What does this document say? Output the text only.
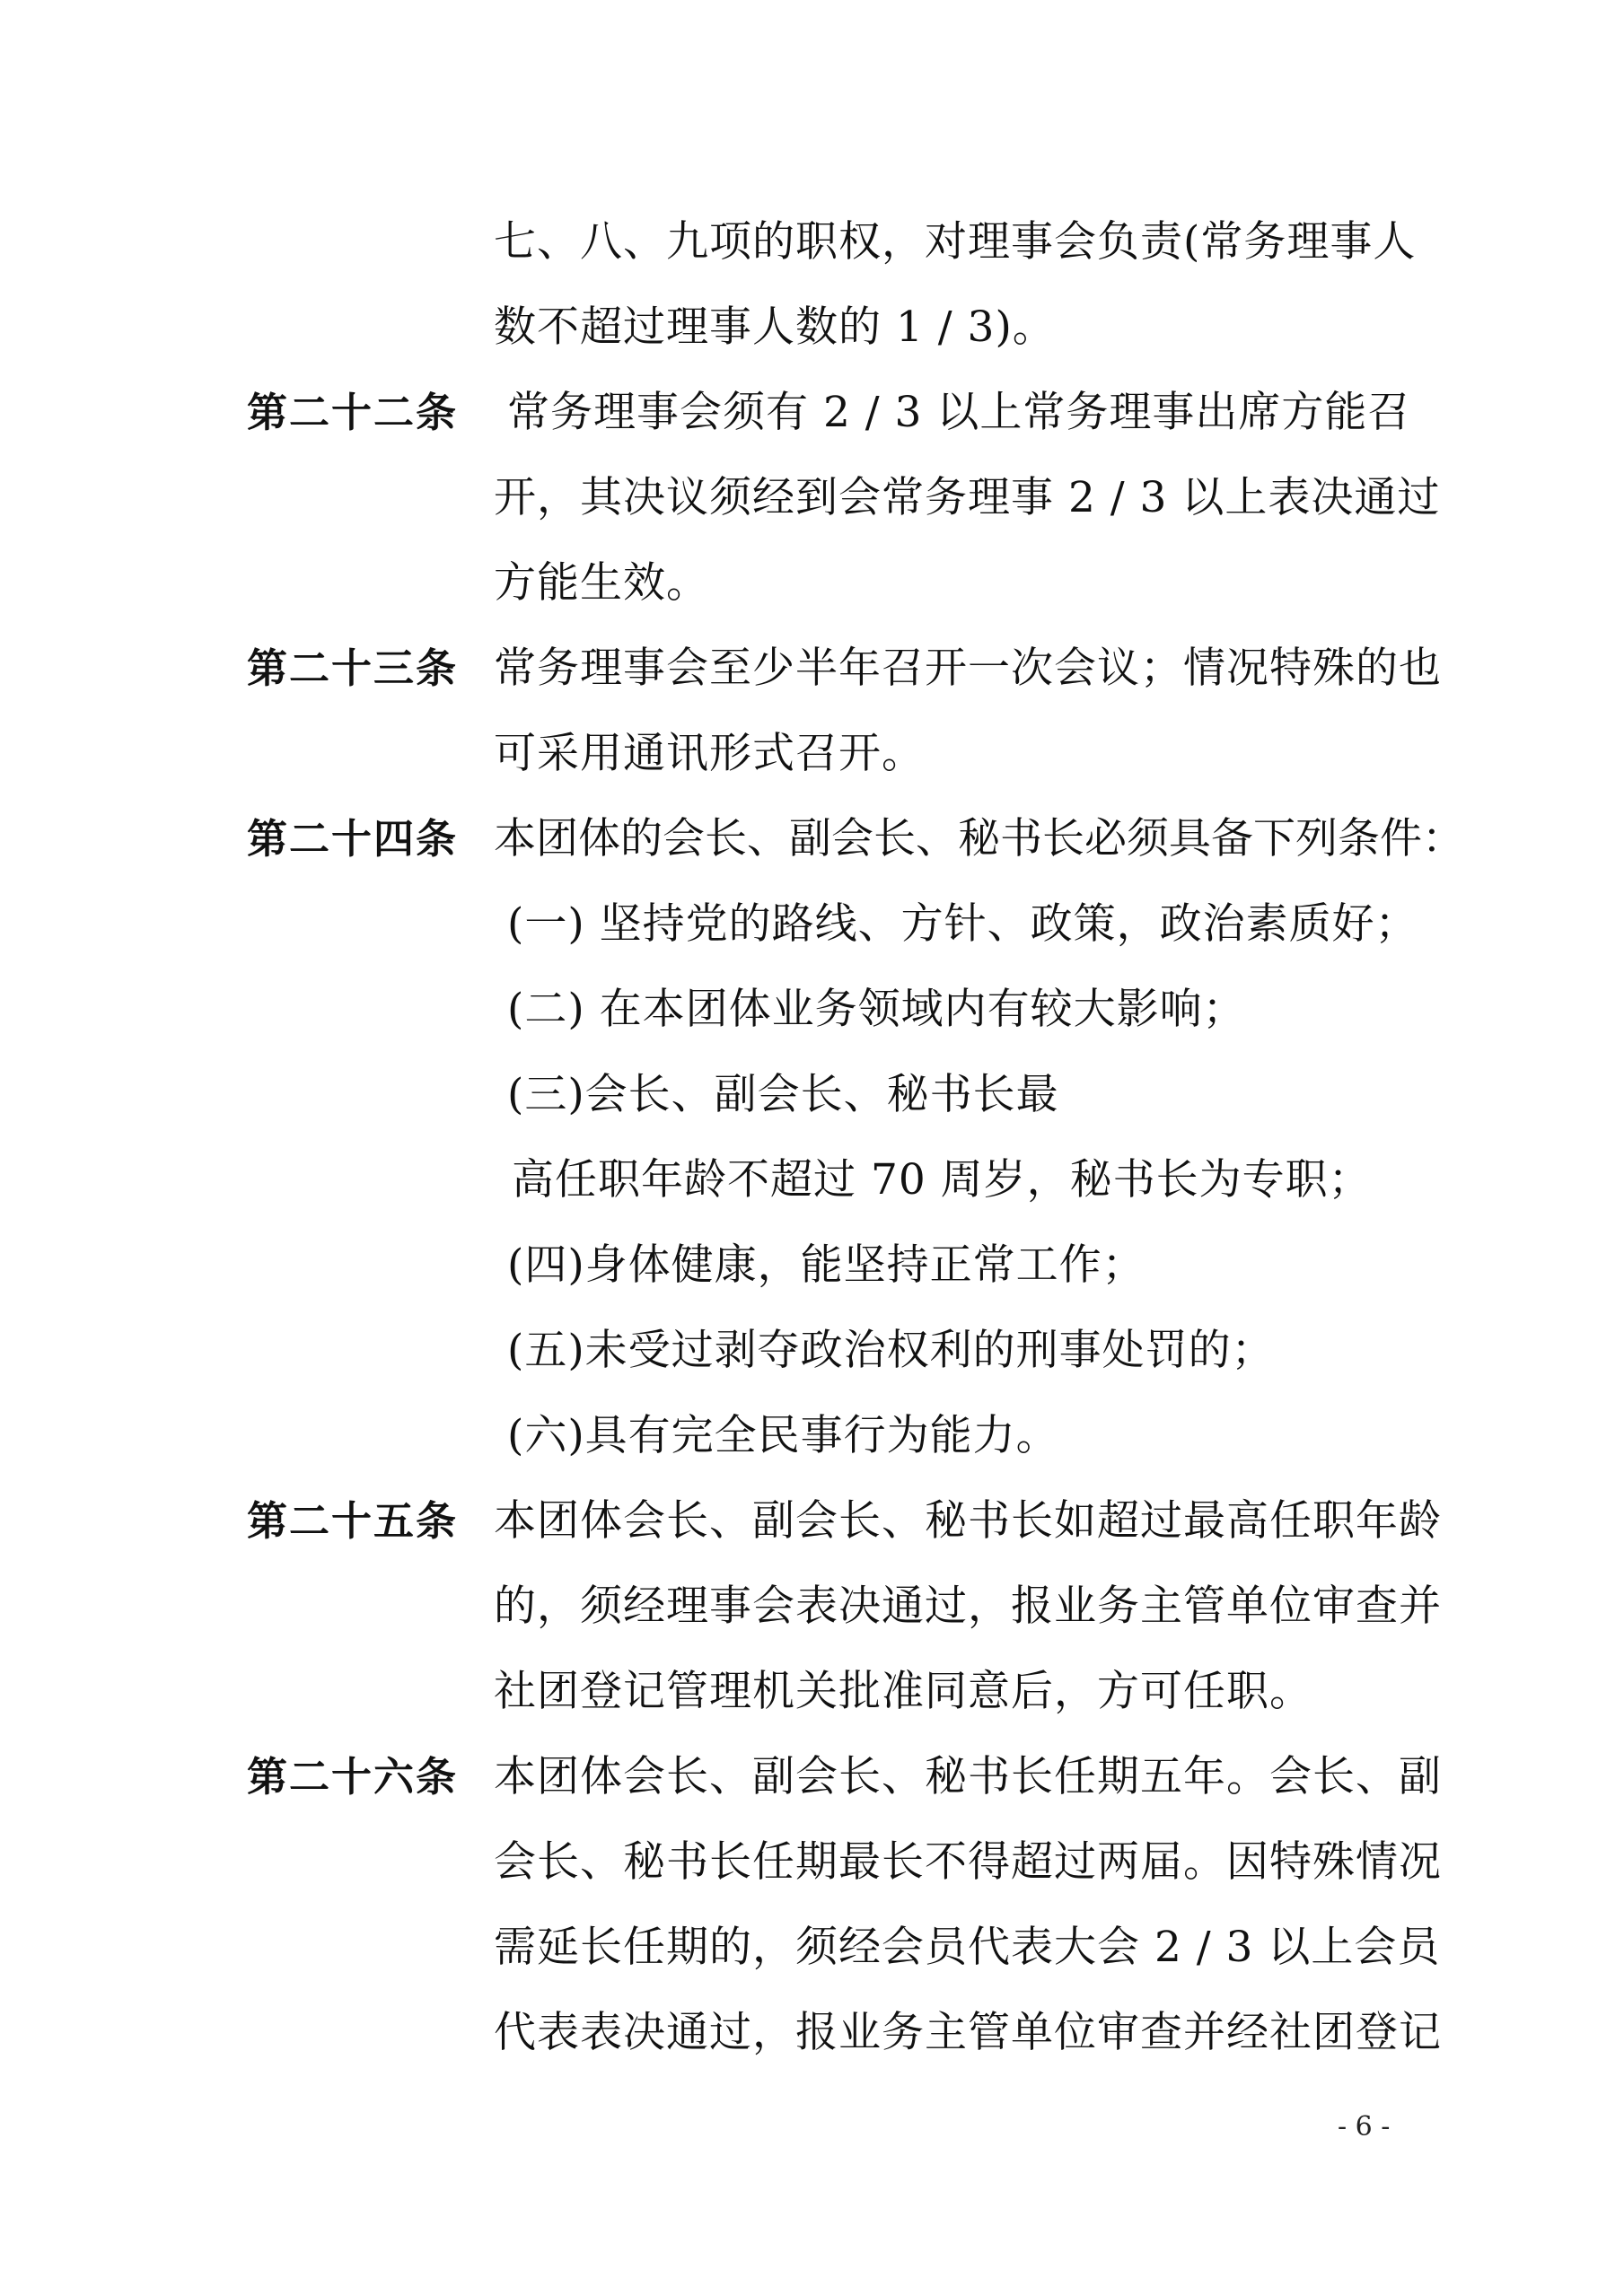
七、八、九项的职权，对理事会负责(常务理事人
数不超过理事人数的 1 / 3)。
第二十二条 常务理事会须有 2 / 3 以上常务理事出席方能召
开，其决议须经到会常务理事 2 / 3 以上表决通过
方能生效。
第二十三条 常务理事会至少半年召开一次会议；情况特殊的也
可采用通讯形式召开。
第二十四条 本团体的会长、副会长、秘书长必须具备下列条件：
(一) 坚持党的路线、方针、政策，政治素质好；
(二) 在本团体业务领域内有较大影响；
(三)会长、副会长、秘书长最
高任职年龄不超过 70 周岁，秘书长为专职；
(四)身体健康，能坚持正常工作；
(五)未受过剥夺政治权利的刑事处罚的；
(六)具有完全民事行为能力。
第二十五条 本团体会长、副会长、秘书长如超过最高任职年龄
的，须经理事会表决通过，报业务主管单位审查并
社团登记管理机关批准同意后，方可任职。
第二十六条 本团体会长、副会长、秘书长任期五年。会长、副
会长、秘书长任期最长不得超过两届。因特殊情况
需延长任期的，须经会员代表大会 2 / 3 以上会员
代表表决通过，报业务主管单位审查并经社团登记
- 6 -
